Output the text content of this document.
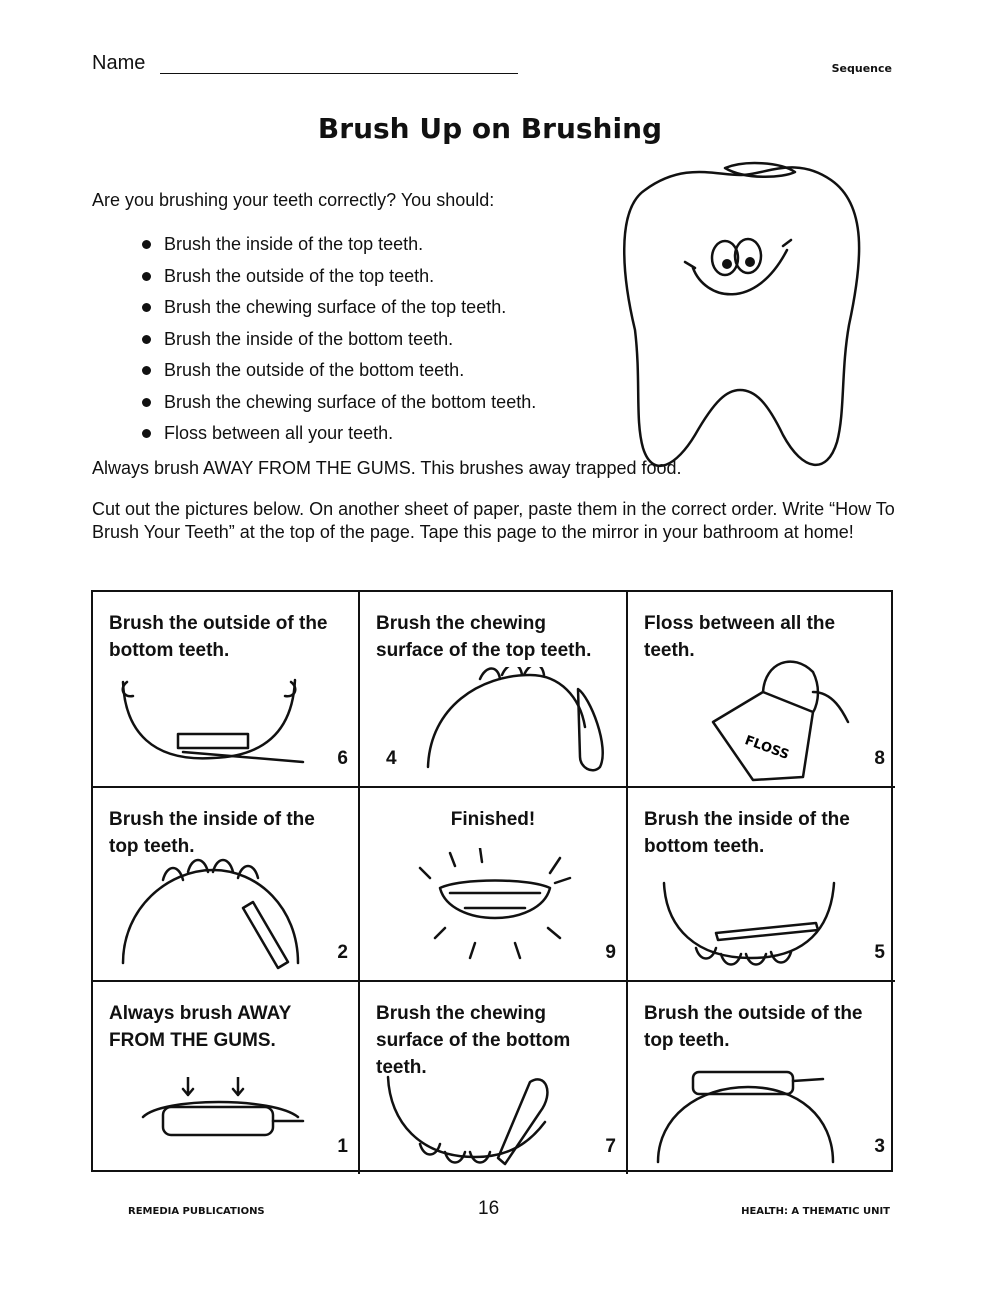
Name	Sequence
Brush Up on Brushing
Are you brushing your teeth correctly? You should:
Brush the inside of the top teeth.
Brush the outside of the top teeth.
Brush the chewing surface of the top teeth.
Brush the inside of the bottom teeth.
Brush the outside of the bottom teeth.
Brush the chewing surface of the bottom teeth.
Floss between all your teeth.
Always brush AWAY FROM THE GUMS. This brushes away trapped food.
Cut out the pictures below. On another sheet of paper, paste them in the correct order. Write “How To Brush Your Teeth” at the top of the page. Tape this page to the mirror in your bathroom at home!
Brush the outside of the bottom teeth.
6
Brush the chewing surface of the top teeth.
4
Floss between all the teeth.
FLOSS	8
Brush the inside of the top teeth.
2
Finished!
9
Brush the inside of the bottom teeth.
5
Always brush AWAY FROM THE GUMS.
1
Brush the chewing surface of the bottom teeth.
7
Brush the outside of the top teeth.
3
REMEDIA PUBLICATIONS	16	HEALTH: A THEMATIC UNIT
